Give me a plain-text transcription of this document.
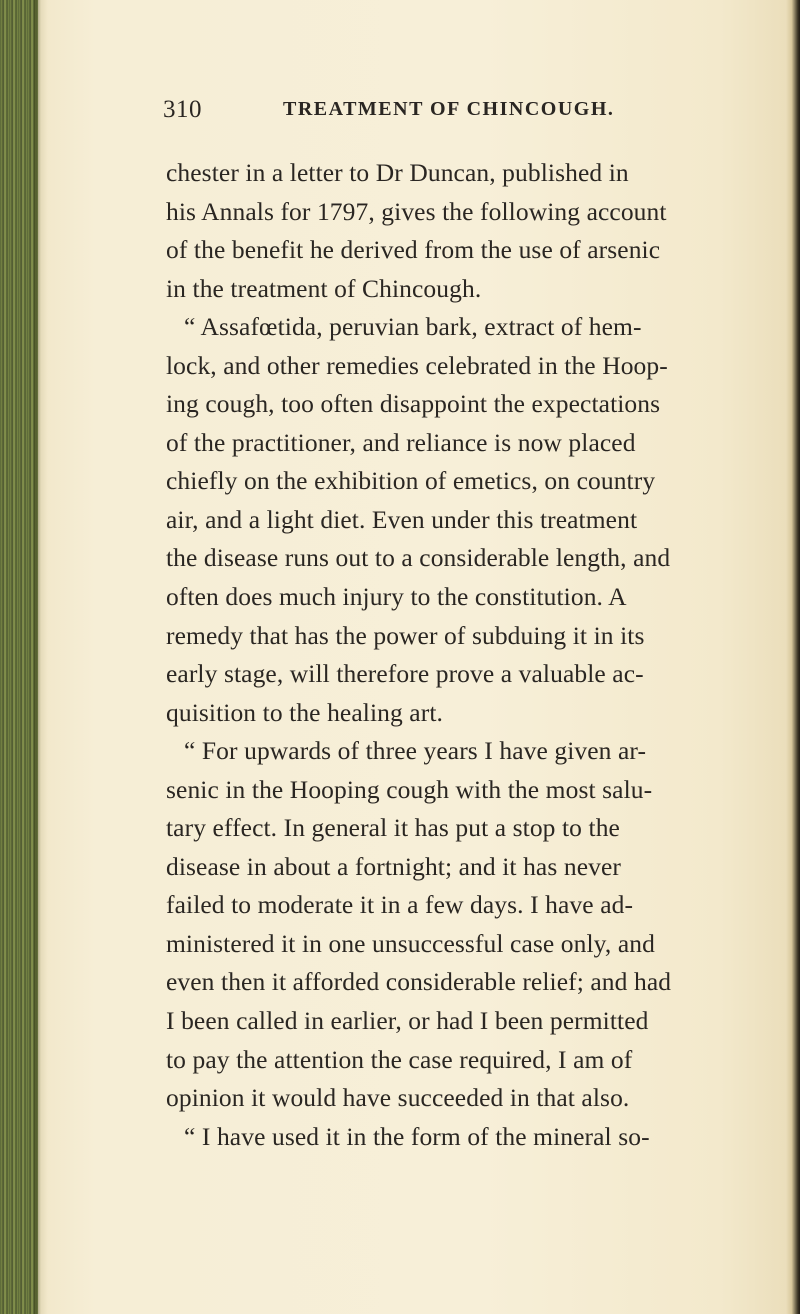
310	TREATMENT OF CHINCOUGH.
chester in a letter to Dr Duncan, published in
his Annals for 1797, gives the following account
of the benefit he derived from the use of arsenic
in the treatment of Chincough.
“ Assafœtida, peruvian bark, extract of hem-
lock, and other remedies celebrated in the Hoop-
ing cough, too often disappoint the expectations
of the practitioner, and reliance is now placed
chiefly on the exhibition of emetics, on country
air, and a light diet. Even under this treatment
the disease runs out to a considerable length, and
often does much injury to the constitution. A
remedy that has the power of subduing it in its
early stage, will therefore prove a valuable ac-
quisition to the healing art.
“ For upwards of three years I have given ar-
senic in the Hooping cough with the most salu-
tary effect. In general it has put a stop to the
disease in about a fortnight; and it has never
failed to moderate it in a few days. I have ad-
ministered it in one unsuccessful case only, and
even then it afforded considerable relief; and had
I been called in earlier, or had I been permitted
to pay the attention the case required, I am of
opinion it would have succeeded in that also.
“ I have used it in the form of the mineral so-
